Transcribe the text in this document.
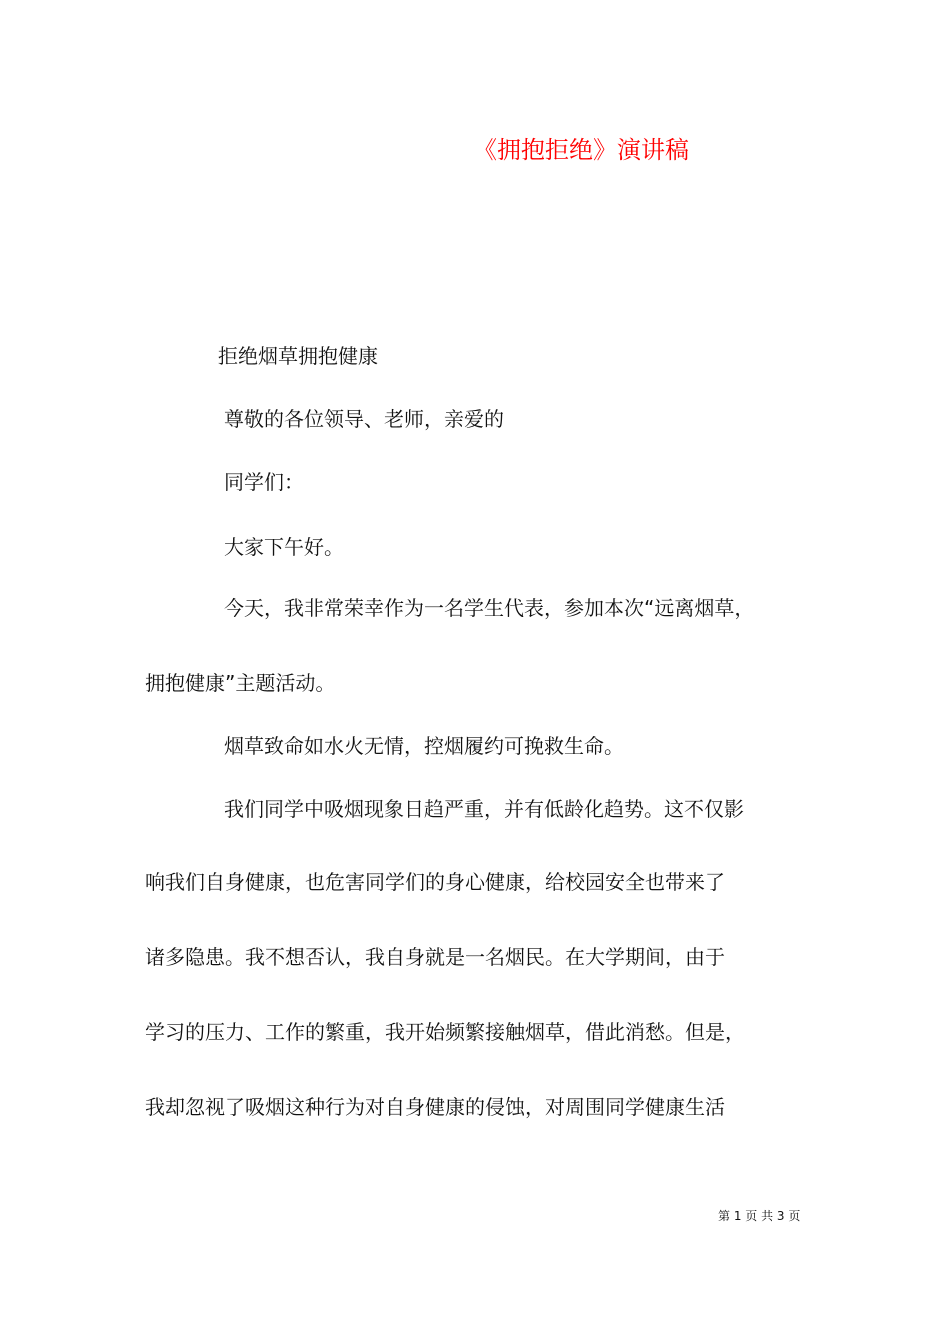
《拥抱拒绝》演讲稿
拒绝烟草拥抱健康
尊敬的各位领导、老师，亲爱的
同学们：
大家下午好。
今天，我非常荣幸作为一名学生代表，参加本次“远离烟草，
拥抱健康”主题活动。
烟草致命如水火无情，控烟履约可挽救生命。
我们同学中吸烟现象日趋严重，并有低龄化趋势。这不仅影
响我们自身健康，也危害同学们的身心健康，给校园安全也带来了
诸多隐患。我不想否认，我自身就是一名烟民。在大学期间，由于
学习的压力、工作的繁重，我开始频繁接触烟草，借此消愁。但是，
我却忽视了吸烟这种行为对自身健康的侵蚀，对周围同学健康生活
第 1 页 共 3 页
